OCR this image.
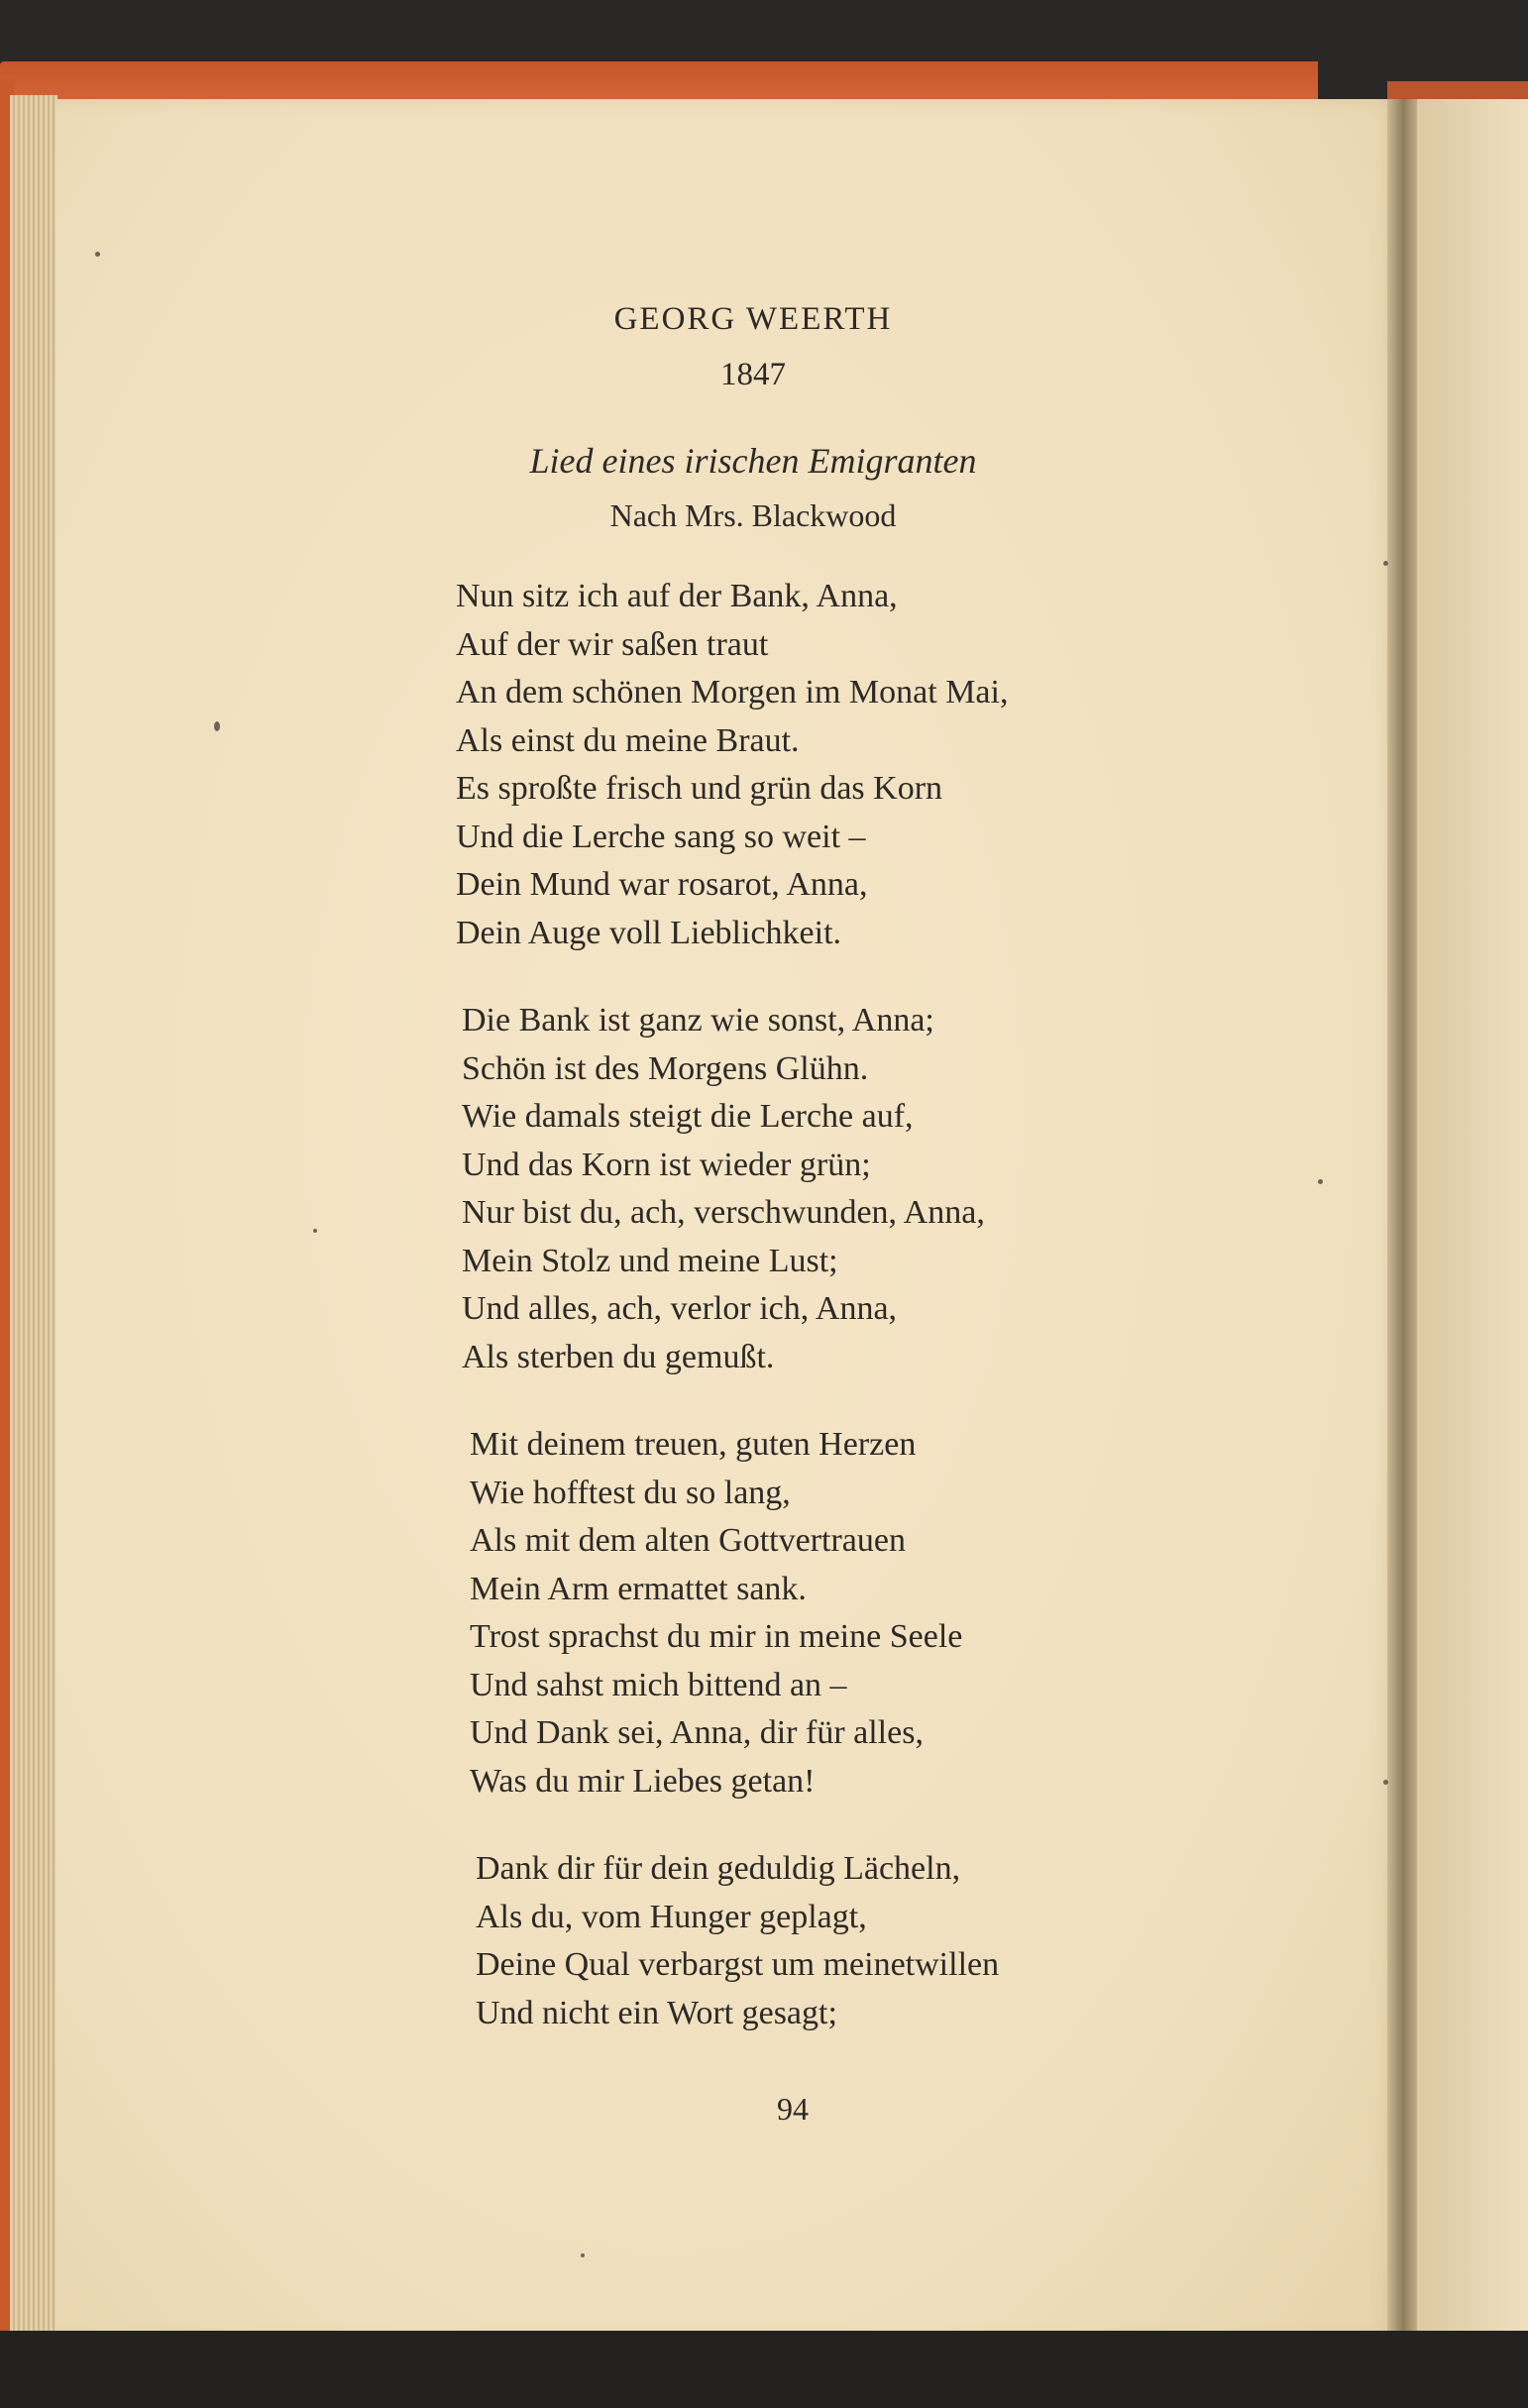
GEORG WEERTH
1847
Lied eines irischen Emigranten
Nach Mrs. Blackwood
Nun sitz ich auf der Bank, Anna,
Auf der wir saßen traut
An dem schönen Morgen im Monat Mai,
Als einst du meine Braut.
Es sproßte frisch und grün das Korn
Und die Lerche sang so weit –
Dein Mund war rosarot, Anna,
Dein Auge voll Lieblichkeit.
Die Bank ist ganz wie sonst, Anna;
Schön ist des Morgens Glühn.
Wie damals steigt die Lerche auf,
Und das Korn ist wieder grün;
Nur bist du, ach, verschwunden, Anna,
Mein Stolz und meine Lust;
Und alles, ach, verlor ich, Anna,
Als sterben du gemußt.
Mit deinem treuen, guten Herzen
Wie hofftest du so lang,
Als mit dem alten Gottvertrauen
Mein Arm ermattet sank.
Trost sprachst du mir in meine Seele
Und sahst mich bittend an –
Und Dank sei, Anna, dir für alles,
Was du mir Liebes getan!
Dank dir für dein geduldig Lächeln,
Als du, vom Hunger geplagt,
Deine Qual verbargst um meinetwillen
Und nicht ein Wort gesagt;
94
